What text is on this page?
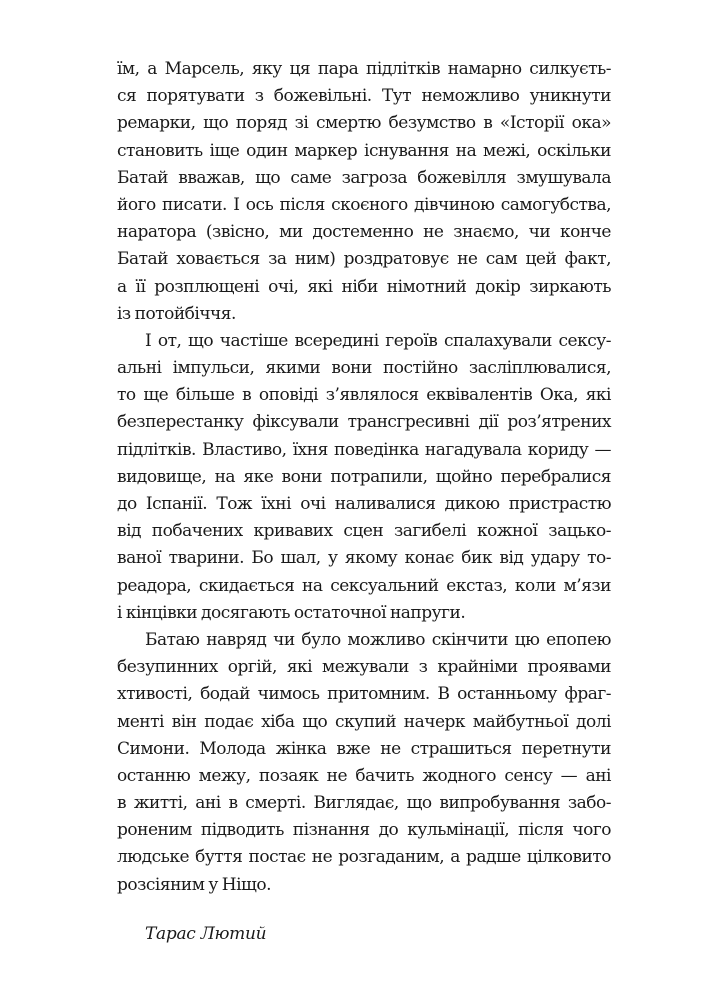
їм, а Марсель, яку ця пара підлітків намарно силкуєть-
ся порятувати з божевільні. Тут неможливо уникнути
ремарки, що поряд зі смертю безумство в «Історії ока»
становить іще один маркер існування на межі, оскільки
Батай вважав, що саме загроза божевілля змушувала
його писати. І ось після скоєного дівчиною самогубства,
наратора (звісно, ми достеменно не знаємо, чи конче
Батай ховається за ним) роздратовує не сам цей факт,
а її розплющені очі, які ніби німотний докір зиркають
із потойбіччя.
І от, що частіше всередині героїв спалахували сексу-
альні імпульси, якими вони постійно засліплювалися,
то ще більше в оповіді з’являлося еквівалентів Ока, які
безперестанку фіксували трансгресивні дії роз’ятрених
підлітків. Властиво, їхня поведінка нагадувала кориду —
видовище, на яке вони потрапили, щойно перебралися
до Іспанії. Тож їхні очі наливалися дикою пристрастю
від побачених кривавих сцен загибелі кожної зацько-
ваної тварини. Бо шал, у якому конає бик від удару то-
реадора, скидається на сексуальний екстаз, коли м’язи
і кінцівки досягають остаточної напруги.
Батаю навряд чи було можливо скінчити цю епопею
безупинних оргій, які межували з крайніми проявами
хтивості, бодай чимось притомним. В останньому фраг-
менті він подає хіба що скупий начерк майбутньої долі
Симони. Молода жінка вже не страшиться перетнути
останню межу, позаяк не бачить жодного сенсу — ані
в житті, ані в смерті. Виглядає, що випробування забо-
роненим підводить пізнання до кульмінації, після чого
людське буття постає не розгаданим, а радше цілковито
розсіяним у Ніщо.
Тарас Лютий
